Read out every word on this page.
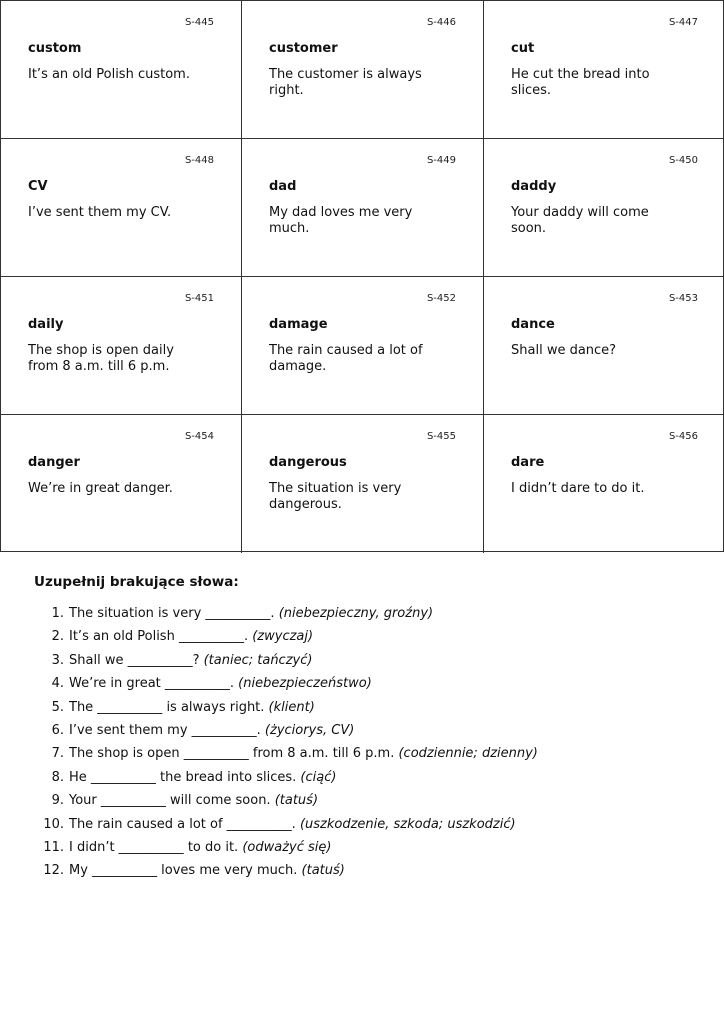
S-445
custom
It’s an old Polish custom.
S-446
customer
The customer is always right.
S-447
cut
He cut the bread into slices.
S-448
CV
I’ve sent them my CV.
S-449
dad
My dad loves me very much.
S-450
daddy
Your daddy will come soon.
S-451
daily
The shop is open daily from 8 a.m. till 6 p.m.
S-452
damage
The rain caused a lot of damage.
S-453
dance
Shall we dance?
S-454
danger
We’re in great danger.
S-455
dangerous
The situation is very dangerous.
S-456
dare
I didn’t dare to do it.
Uzupełnij brakujące słowa:
1. The situation is very __________. (niebezpieczny, groźny)
2. It’s an old Polish __________. (zwyczaj)
3. Shall we __________? (taniec; tańczyć)
4. We’re in great __________. (niebezpieczeństwo)
5. The __________ is always right. (klient)
6. I’ve sent them my __________. (życiorys, CV)
7. The shop is open __________ from 8 a.m. till 6 p.m. (codziennie; dzienny)
8. He __________ the bread into slices. (ciąć)
9. Your __________ will come soon. (tatuś)
10. The rain caused a lot of __________. (uszkodzenie, szkoda; uszkodzić)
11. I didn’t __________ to do it. (odważyć się)
12. My __________ loves me very much. (tatuś)
